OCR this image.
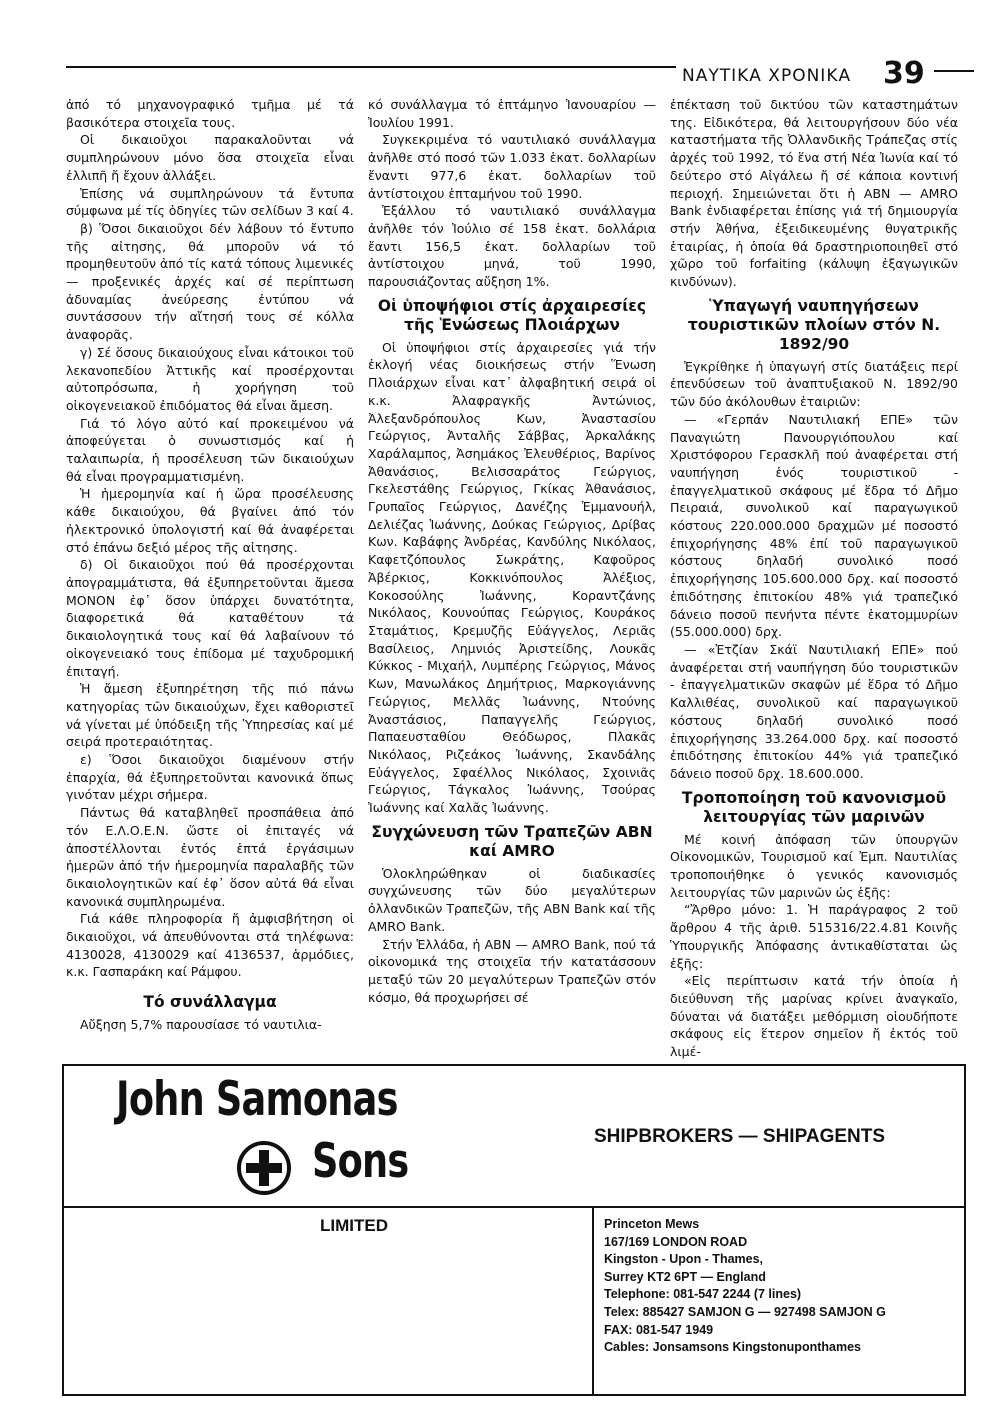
ΝΑΥΤΙΚΑ ΧΡΟΝΙΚΑ	39

ἀπό τό μηχανογραφικό τμῆμα μέ τά βασικότερα στοιχεῖα τους.

Οἱ δικαιοῦχοι παρακαλοῦνται νά συμπληρώνουν μόνο ὅσα στοιχεῖα εἶναι ἐλλιπῆ ἤ ἔχουν ἀλλάξει.

Ἐπίσης νά συμπληρώνουν τά ἔντυπα σύμφωνα μέ τίς ὁδηγίες τῶν σελίδων 3 καί 4.

β) Ὅσοι δικαιοῦχοι δέν λάβουν τό ἔντυπο τῆς αἰτησης, θά μποροῦν νά τό προμηθευτοῦν ἀπό τίς κατά τόπους λιμενικές — προξενικές ἀρχές καί σέ περίπτωση ἀδυναμίας ἀνεύρεσης ἐντύπου νά συντάσσουν τήν αἴτησή τους σέ κόλλα ἀναφορᾶς.

γ) Σέ ὅσους δικαιούχους εἶναι κάτοικοι τοῦ λεκανοπεδίου Ἀττικῆς καί προσέρχονται αὐτοπρόσωπα, ἡ χορήγηση τοῦ οἰκογενειακοῦ ἐπιδόματος θά εἶναι ἄμεση.

Γιά τό λόγο αὐτό καί προκειμένου νά ἀποφεύγεται ὁ συνωστισμός καί ἡ ταλαιπωρία, ἡ προσέλευση τῶν δικαιούχων θά εἶναι προγραμματισμένη.

Ἡ ἡμερομηνία καί ἡ ὥρα προσέλευσης κάθε δικαιούχου, θά βγαίνει ἀπό τόν ἠλεκτρονικό ὑπολογιστή καί θά ἀναφέρεται στό ἐπάνω δεξιό μέρος τῆς αἰτησης.

δ) Οἱ δικαιοῦχοι πού θά προσέρχονται ἀπογραμμάτιστα, θά ἐξυπηρετοῦνται ἄμεσα ΜΟΝΟΝ ἐφ᾿ ὅσον ὑπάρχει δυνατότητα, διαφορετικά θά καταθέτουν τά δικαιολογητικά τους καί θά λαβαίνουν τό οἰκογενειακό τους ἐπίδομα μέ ταχυδρομική ἐπιταγή.

Ἡ ἄμεση ἐξυπηρέτηση τῆς πιό πάνω κατηγορίας τῶν δικαιούχων, ἔχει καθοριστεῖ νά γίνεται μέ ὑπόδειξη τῆς Ὑπηρεσίας καί μέ σειρά προτεραιότητας.

ε) Ὅσοι δικαιοῦχοι διαμένουν στήν ἐπαρχία, θά ἐξυπηρετοῦνται κανονικά ὅπως γινόταν μέχρι σήμερα.

Πάντως θά καταβληθεῖ προσπάθεια ἀπό τόν Ε.Λ.Ο.Ε.Ν. ὥστε οἱ ἐπιταγές νά ἀποστέλλονται ἐντός ἑπτά ἐργάσιμων ἡμερῶν ἀπό τήν ἡμερομηνία παραλαβῆς τῶν δικαιολογητικῶν καί ἐφ᾿ ὅσον αὐτά θά εἶναι κανονικά συμπληρωμένα.

Γιά κάθε πληροφορία ἤ ἀμφισβήτηση οἱ δικαιοῦχοι, νά ἀπευθύνονται στά τηλέφωνα: 4130028, 4130029 καί 4136537, ἁρμόδιες, κ.κ. Γασπαράκη καί Ράμφου.

Τό συνάλλαγμα

Αὔξηση 5,7% παρουσίασε τό ναυτιλια-

κό συνάλλαγμα τό ἑπτάμηνο Ἰανουαρίου — Ἰουλίου 1991.

Συγκεκριμένα τό ναυτιλιακό συνάλλαγμα ἀνῆλθε στό ποσό τῶν 1.033 ἑκατ. δολλαρίων ἔναντι 977,6 ἑκατ. δολλαρίων τοῦ ἀντίστοιχου ἑπταμήνου τοῦ 1990.

Ἐξάλλου τό ναυτιλιακό συνάλλαγμα ἀνῆλθε τόν Ἰούλιο σέ 158 ἑκατ. δολλάρια ἔαντι 156,5 ἑκατ. δολλαρίων τοῦ ἀντίστοιχου μηνά, τοῦ 1990, παρουσιάζοντας αὔξηση 1%.

Οἱ ὑποψήφιοι στίς ἀρχαιρεσίες τῆς Ἑνώσεως Πλοιάρχων

Οἱ ὑποψήφιοι στίς ἀρχαιρεσίες γιά τήν ἐκλογή νέας διοικήσεως στήν Ἕνωση Πλοιάρχων εἶναι κατ᾿ ἀλφαβητική σειρά οἱ κ.κ. Ἀλαφραγκῆς Ἀντώνιος, Ἀλεξανδρόπουλος Κων, Ἀναστασίου Γεώργιος, Ἀνταλῆς Σάββας, Ἀρκαλάκης Χαράλαμπος, Ἀσημάκος Ἐλευθέριος, Βαρίνος Ἀθανάσιος, Βελισσαράτος Γεώργιος, Γκελεστάθης Γεώργιος, Γκίκας Ἀθανάσιος, Γρυπαῖος Γεώργιος, Δανέζης Ἐμμανουήλ, Δελιέζας Ἰωάννης, Δούκας Γεώργιος, Δρίβας Κων. Καβάφης Ἀνδρέας, Κανδύλης Νικόλαος, Καφετζόπουλος Σωκράτης, Καφοῦρος Ἀβέρκιος, Κοκκινόπουλος Ἀλέξιος, Κοκοσούλης Ἰωάννης, Κοραντζάνης Νικόλαος, Κουνούπας Γεώργιος, Κουράκος Σταμάτιος, Κρεμυζῆς Εὐάγγελος, Λεριᾶς Βασίλειος, Λημνιός Ἀριστείδης, Λουκᾶς Κύκκος - Μιχαήλ, Λυμπέρης Γεώργιος, Μάνος Κων, Μανωλάκος Δημήτριος, Μαρκογιάννης Γεώργιος, Μελλᾶς Ἰωάννης, Ντούνης Ἀναστάσιος, Παπαγγελῆς Γεώργιος, Παπαευσταθίου Θεόδωρος, Πλακᾶς Νικόλαος, Ριζεάκος Ἰωάννης, Σκανδάλης Εὐάγγελος, Σφαέλλος Νικόλαος, Σχοινιᾶς Γεώργιος, Τάγκαλος Ἰωάννης, Τσούρας Ἰωάννης καί Χαλᾶς Ἰωάννης.

Συγχώνευση τῶν Τραπεζῶν ABN καί AMRO

Ὁλοκληρώθηκαν οἱ διαδικασίες συγχώνευσης τῶν δύο μεγαλύτερων ὀλλανδικῶν Τραπεζῶν, τῆς ABN Bank καί τῆς AMRO Bank.

Στήν Ἑλλάδα, ἡ ABN — AMRO Bank, πού τά οἰκονομικά της στοιχεῖα τήν κατατάσσουν μεταξύ τῶν 20 μεγαλύτερων Τραπεζῶν στόν κόσμο, θά προχωρήσει σέ

ἐπέκταση τοῦ δικτύου τῶν καταστημάτων της. Εἰδικότερα, θά λειτουργήσουν δύο νέα καταστήματα τῆς Ὀλλανδικῆς Τράπεζας στίς ἀρχές τοῦ 1992, τό ἕνα στή Νέα Ἰωνία καί τό δεύτερο στό Αἰγάλεω ἤ σέ κάποια κοντινή περιοχή. Σημειώνεται ὅτι ἡ ABN — AMRO Bank ἐνδιαφέρεται ἐπίσης γιά τή δημιουργία στήν Ἀθήνα, ἐξειδικευμένης θυγατρικῆς ἑταιρίας, ἡ ὁποία θά δραστηριοποιηθεῖ στό χῶρο τοῦ forfaiting (κάλυψη ἐξαγωγικῶν κινδύνων).

Ὑπαγωγή ναυπηγήσεων τουριστικῶν πλοίων στόν Ν. 1892/90

Ἐγκρίθηκε ἡ ὑπαγωγή στίς διατάξεις περί ἐπενδύσεων τοῦ ἀναπτυξιακοῦ Ν. 1892/90 τῶν δύο ἀκόλουθων ἑταιριῶν:

— «Γερπάν Ναυτιλιακή ΕΠΕ» τῶν Παναγιώτη Πανουργιόπουλου καί Χριστόφορου Γερασκλῆ πού ἀναφέρεται στή ναυπήγηση ἑνός τουριστικοῦ - ἐπαγγελματικοῦ σκάφους μέ ἕδρα τό Δῆμο Πειραιά, συνολικοῦ καί παραγωγικοῦ κόστους 220.000.000 δραχμῶν μέ ποσοστό ἐπιχορήγησης 48% ἐπί τοῦ παραγωγικοῦ κόστους δηλαδή συνολικό ποσό ἐπιχορήγησης 105.600.000 δρχ. καί ποσοστό ἐπιδότησης ἐπιτοκίου 48% γιά τραπεζικό δάνειο ποσοῦ πενήντα πέντε ἑκατομμυρίων (55.000.000) δρχ.

— «Ἐτζίαν Σκάϊ Ναυτιλιακή ΕΠΕ» πού ἀναφέρεται στή ναυπήγηση δύο τουριστικῶν - ἐπαγγελματικῶν σκαφῶν μέ ἕδρα τό Δῆμο Καλλιθέας, συνολικοῦ καί παραγωγικοῦ κόστους δηλαδή συνολικό ποσό ἐπιχορήγησης 33.264.000 δρχ. καί ποσοστό ἐπιδότησης ἐπιτοκίου 44% γιά τραπεζικό δάνειο ποσοῦ δρχ. 18.600.000.

Τροποποίηση τοῦ κανονισμοῦ λειτουργίας τῶν μαρινῶν

Μέ κοινή ἀπόφαση τῶν ὑπουργῶν Οἰκονομικῶν, Τουρισμοῦ καί Ἐμπ. Ναυτιλίας τροποποιήθηκε ὁ γενικός κανονισμός λειτουργίας τῶν μαρινῶν ὡς ἑξῆς:

“Ἄρθρο μόνο: 1. Ἡ παράγραφος 2 τοῦ ἄρθρου 4 τῆς ἀριθ. 515316/22.4.81 Κοινῆς Ὑπουργικῆς Ἀπόφασης ἀντικαθίσταται ὡς ἑξῆς:

«Εἰς περίπτωσιν κατά τήν ὁποία ἡ διεύθυνση τῆς μαρίνας κρίνει ἀναγκαῖο, δύναται νά διατάξει μεθόρμιση οἱουδήποτε σκάφους εἰς ἕτερον σημεῖον ἤ ἐκτός τοῦ λιμέ-

John Samonas
Sons	SHIPBROKERS — SHIPAGENTS
LIMITED	Princeton Mews
167/169 LONDON ROAD
Kingston - Upon - Thames,
Surrey KT2 6PT — England
Telephone: 081-547 2244 (7 lines)
Telex: 885427 SAMJON G — 927498 SAMJON G
FAX: 081-547 1949
Cables: Jonsamsons Kingstonuponthames
